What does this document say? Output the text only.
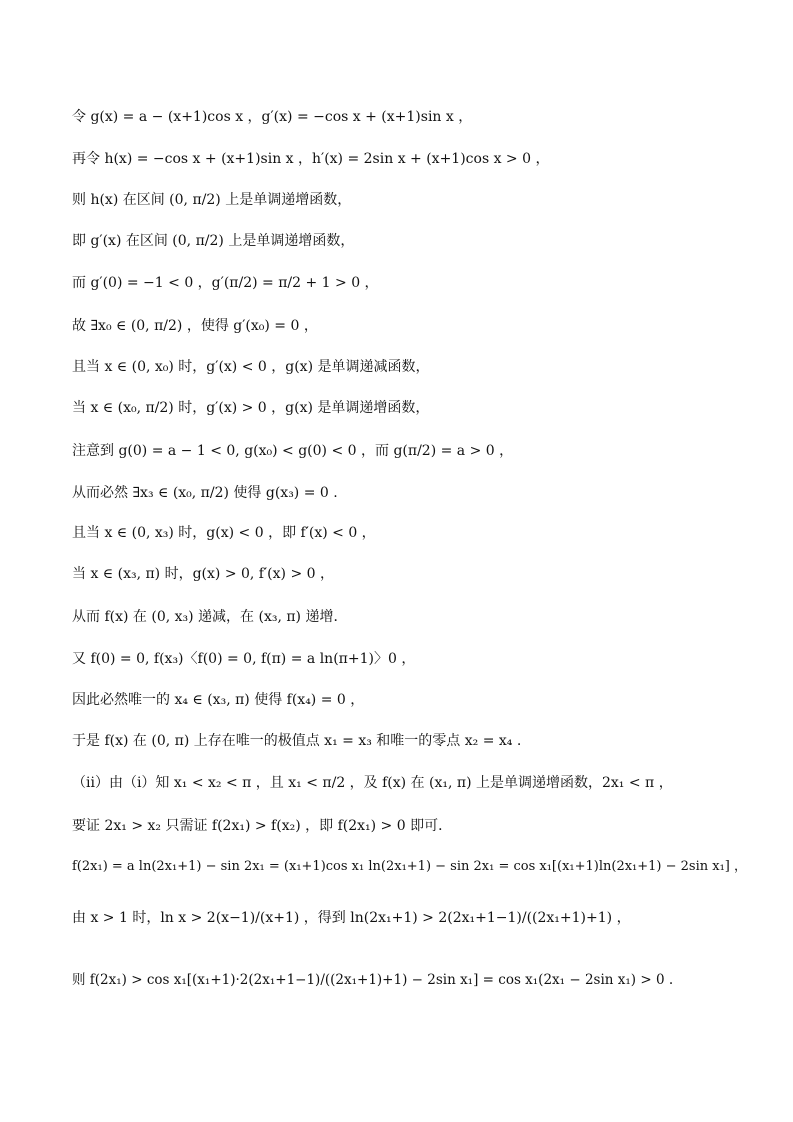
令 g(x) = a − (x+1)cos x ，g′(x) = −cos x + (x+1)sin x ，
再令 h(x) = −cos x + (x+1)sin x ，h′(x) = 2sin x + (x+1)cos x > 0 ，
则 h(x) 在区间 (0, π/2) 上是单调递增函数，
即 g′(x) 在区间 (0, π/2) 上是单调递增函数，
而 g′(0) = −1 < 0 ，g′(π/2) = π/2 + 1 > 0 ，
故 ∃x₀ ∈ (0, π/2) ，使得 g′(x₀) = 0 ，
且当 x ∈ (0, x₀) 时，g′(x) < 0 ，g(x) 是单调递减函数，
当 x ∈ (x₀, π/2) 时，g′(x) > 0 ，g(x) 是单调递增函数，
注意到 g(0) = a − 1 < 0, g(x₀) < g(0) < 0 ，而 g(π/2) = a > 0 ，
从而必然 ∃x₃ ∈ (x₀, π/2) 使得 g(x₃) = 0 .
且当 x ∈ (0, x₃) 时，g(x) < 0 ，即 f′(x) < 0 ，
当 x ∈ (x₃, π) 时，g(x) > 0, f′(x) > 0 ，
从而 f(x) 在 (0, x₃) 递减，在 (x₃, π) 递增．
又 f(0) = 0, f(x₃)〈f(0) = 0, f(π) = a ln(π+1)〉0 ，
因此必然唯一的 x₄ ∈ (x₃, π) 使得 f(x₄) = 0 ，
于是 f(x) 在 (0, π) 上存在唯一的极值点 x₁ = x₃ 和唯一的零点 x₂ = x₄ .
（ii）由（i）知 x₁ < x₂ < π ，且 x₁ < π/2 ，及 f(x) 在 (x₁, π) 上是单调递增函数，2x₁ < π ，
要证 2x₁ > x₂ 只需证 f(2x₁) > f(x₂) ，即 f(2x₁) > 0 即可．
f(2x₁) = a ln(2x₁+1) − sin 2x₁ = (x₁+1)cos x₁ ln(2x₁+1) − sin 2x₁ = cos x₁[(x₁+1)ln(2x₁+1) − 2sin x₁] ，
由 x > 1 时，ln x > 2(x−1)/(x+1) ，得到 ln(2x₁+1) > 2(2x₁+1−1)/((2x₁+1)+1) ，
则 f(2x₁) > cos x₁[(x₁+1)·2(2x₁+1−1)/((2x₁+1)+1) − 2sin x₁] = cos x₁(2x₁ − 2sin x₁) > 0 .
